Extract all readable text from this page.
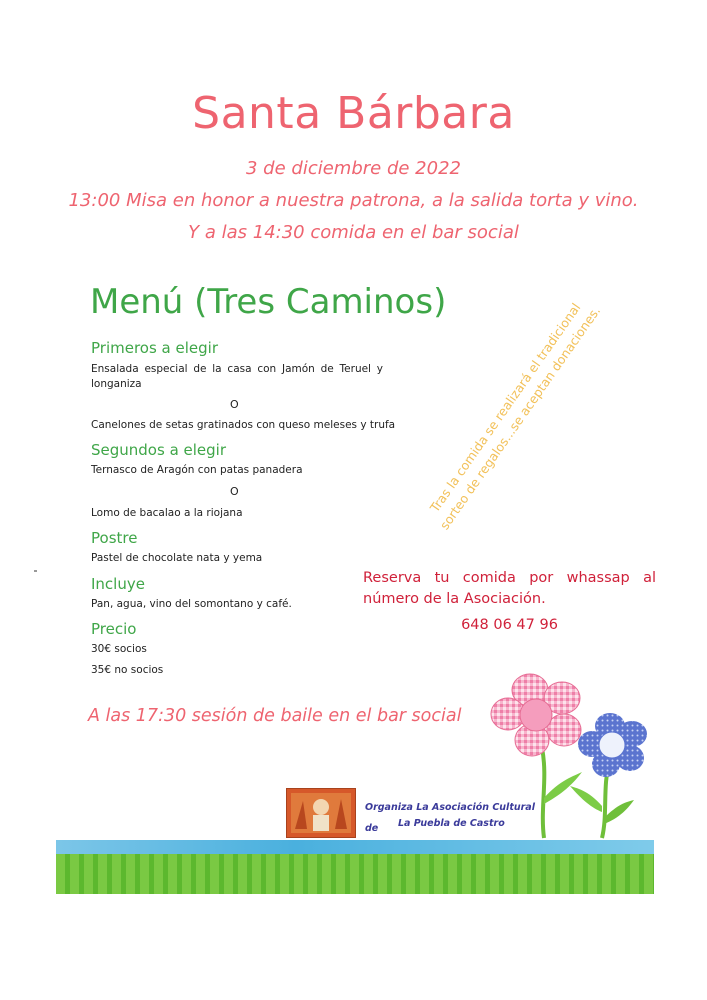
Santa Bárbara
3 de diciembre de 2022
13:00 Misa en honor a nuestra patrona, a la salida torta y vino.
Y a las 14:30 comida en el bar social
Menú (Tres Caminos)
Primeros a elegir
Ensalada especial de la casa con Jamón de Teruel y longaniza
O
Canelones de setas gratinados con queso meleses y trufa
Segundos a elegir
Ternasco de Aragón con patas panadera
O
Lomo de bacalao a la riojana
Postre
Pastel de chocolate nata y yema
Incluye
Pan, agua, vino del somontano y café.
Precio
30€ socios
35€ no socios
Tras la comida se realizará el tradicional sorteo de regalos...se aceptan donaciones.
Reserva tu comida por whassap al número de la Asociación.
648 06 47 96
A las 17:30 sesión de baile en el bar social
Organiza La Asociación Cultural de	La Puebla de Castro
